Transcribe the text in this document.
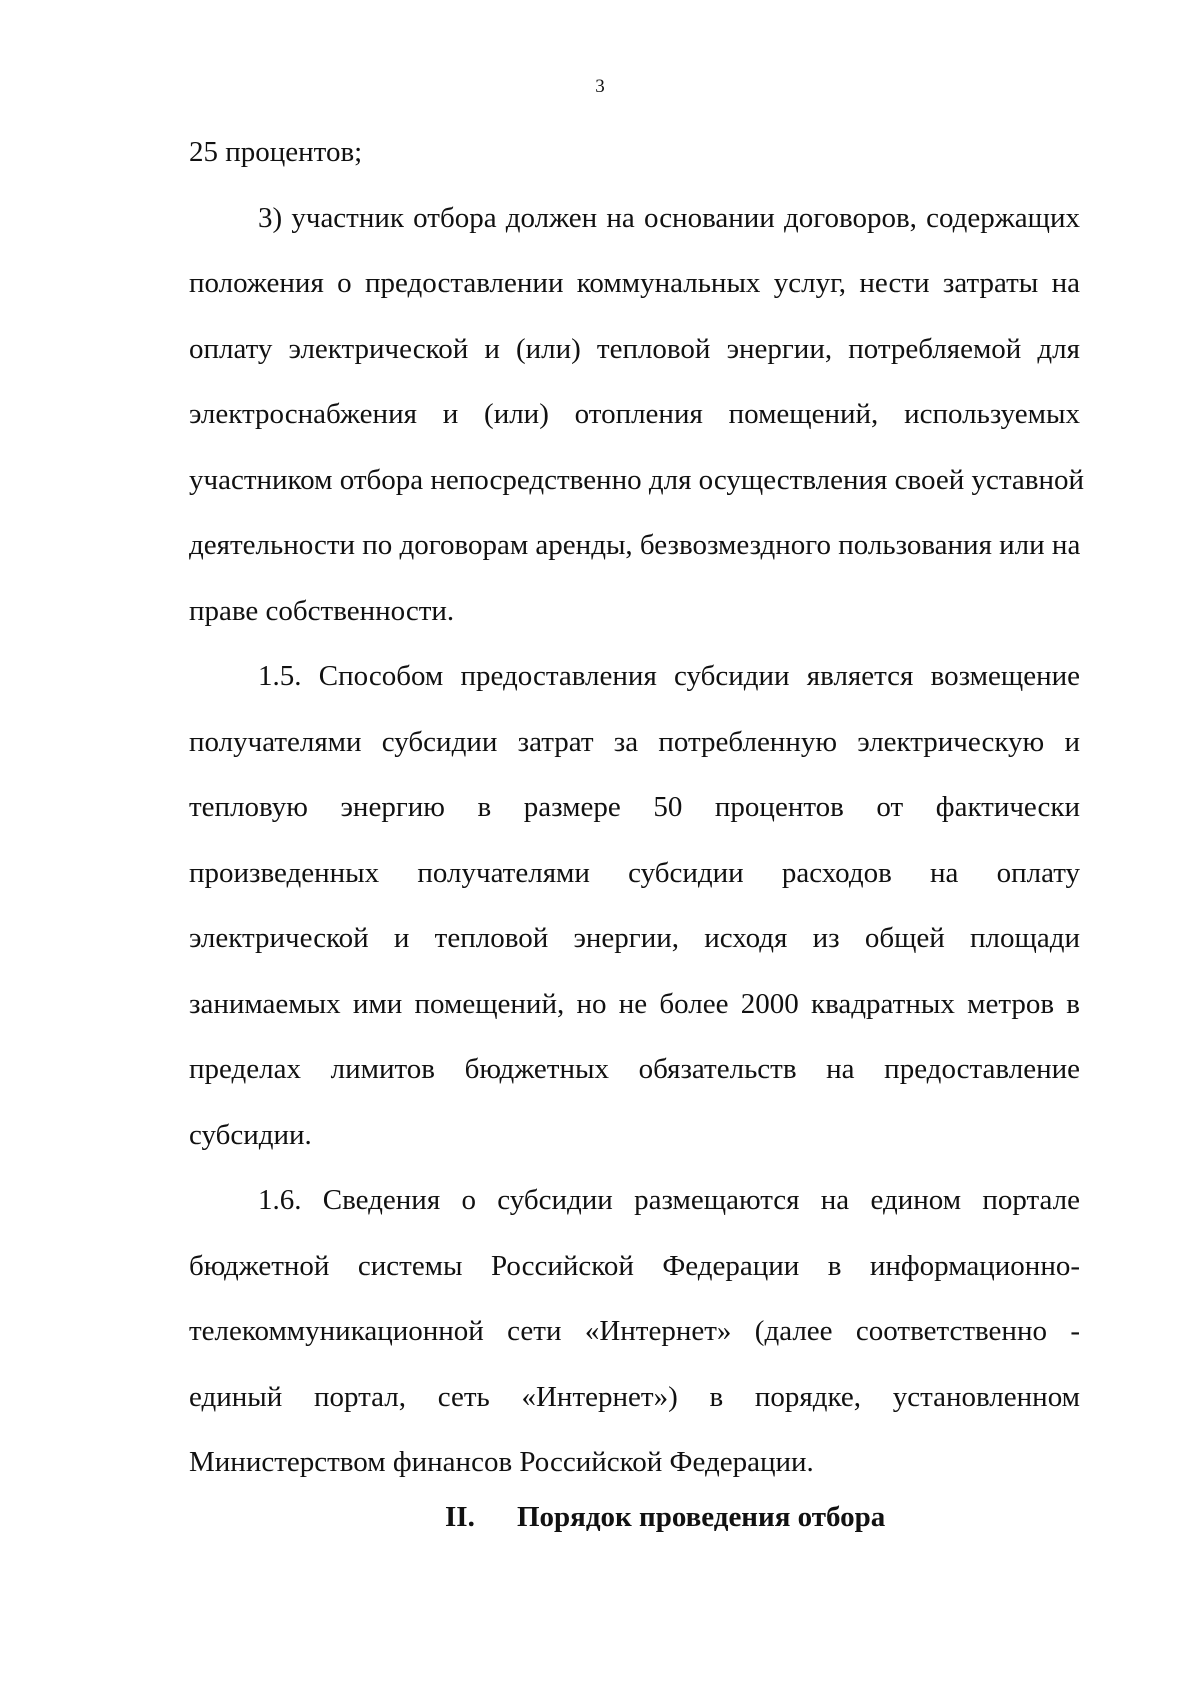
3
25 процентов;
3) участник отбора должен на основании договоров, содержащих
положения о предоставлении коммунальных услуг, нести затраты на
оплату электрической и (или) тепловой энергии, потребляемой для
электроснабжения и (или) отопления помещений, используемых
участником отбора непосредственно для осуществления своей уставной
деятельности по договорам аренды, безвозмездного пользования или на
праве собственности.
1.5. Способом предоставления субсидии является возмещение
получателями субсидии затрат за потребленную электрическую и
тепловую энергию в размере 50 процентов от фактически
произведенных получателями субсидии расходов на оплату
электрической и тепловой энергии, исходя из общей площади
занимаемых ими помещений, но не более 2000 квадратных метров в
пределах лимитов бюджетных обязательств на предоставление
субсидии.
1.6. Сведения о субсидии размещаются на едином портале
бюджетной системы Российской Федерации в информационно-
телекоммуникационной сети «Интернет» (далее соответственно -
единый портал, сеть «Интернет») в порядке, установленном
Министерством финансов Российской Федерации.
II. Порядок проведения отбора
